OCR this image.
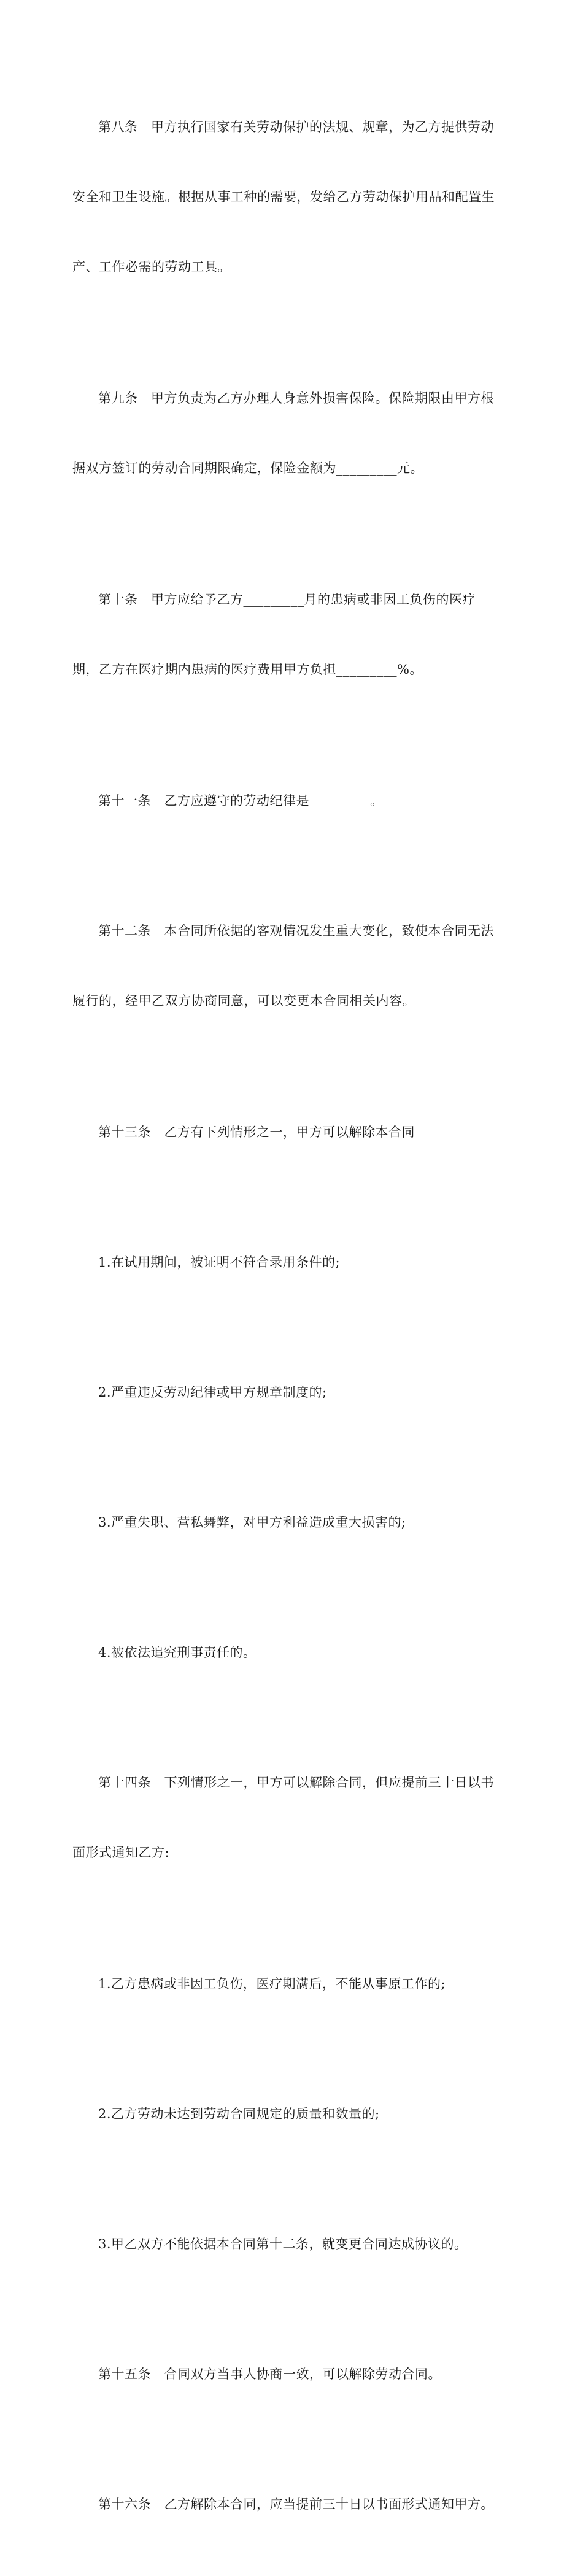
第八条   甲方执行国家有关劳动保护的法规、规章，为乙方提供劳动

安全和卫生设施。根据从事工种的需要，发给乙方劳动保护用品和配置生

产、工作必需的劳动工具。

第九条   甲方负责为乙方办理人身意外损害保险。保险期限由甲方根

据双方签订的劳动合同期限确定，保险金额为_________元。

第十条   甲方应给予乙方_________月的患病或非因工负伤的医疗

期，乙方在医疗期内患病的医疗费用甲方负担_________%。

第十一条   乙方应遵守的劳动纪律是_________。

第十二条   本合同所依据的客观情况发生重大变化，致使本合同无法

履行的，经甲乙双方协商同意，可以变更本合同相关内容。

第十三条   乙方有下列情形之一，甲方可以解除本合同

1.在试用期间，被证明不符合录用条件的;

2.严重违反劳动纪律或甲方规章制度的;

3.严重失职、营私舞弊，对甲方利益造成重大损害的;

4.被依法追究刑事责任的。

第十四条   下列情形之一，甲方可以解除合同，但应提前三十日以书

面形式通知乙方:

1.乙方患病或非因工负伤，医疗期满后，不能从事原工作的;

2.乙方劳动未达到劳动合同规定的质量和数量的;

3.甲乙双方不能依据本合同第十二条，就变更合同达成协议的。

第十五条   合同双方当事人协商一致，可以解除劳动合同。

第十六条   乙方解除本合同，应当提前三十日以书面形式通知甲方。
